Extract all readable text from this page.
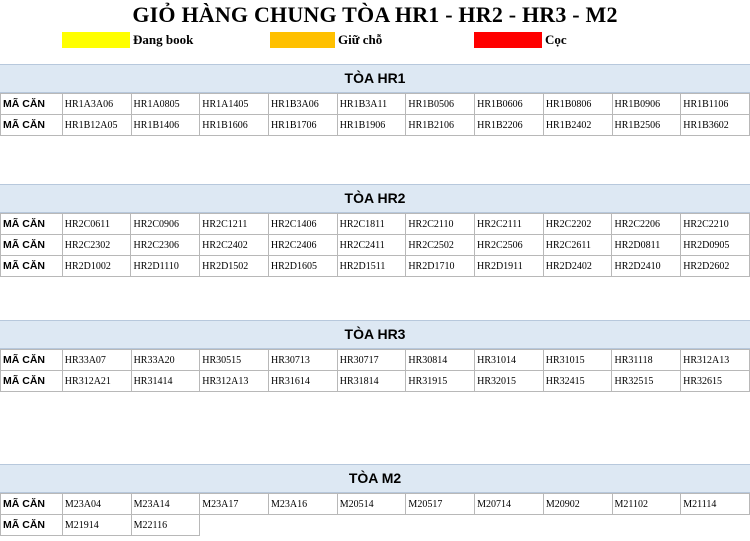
GIỎ HÀNG CHUNG TÒA HR1 - HR2 - HR3 - M2
Đang book	Giữ chỗ	Cọc
TÒA HR1
MÃ CĂN	HR1A3A06	HR1A0805	HR1A1405	HR1B3A06	HR1B3A11	HR1B0506	HR1B0606	HR1B0806	HR1B0906	HR1B1106
MÃ CĂN	HR1B12A05	HR1B1406	HR1B1606	HR1B1706	HR1B1906	HR1B2106	HR1B2206	HR1B2402	HR1B2506	HR1B3602
TÒA HR2
MÃ CĂN	HR2C0611	HR2C0906	HR2C1211	HR2C1406	HR2C1811	HR2C2110	HR2C2111	HR2C2202	HR2C2206	HR2C2210
MÃ CĂN	HR2C2302	HR2C2306	HR2C2402	HR2C2406	HR2C2411	HR2C2502	HR2C2506	HR2C2611	HR2D0811	HR2D0905
MÃ CĂN	HR2D1002	HR2D1110	HR2D1502	HR2D1605	HR2D1511	HR2D1710	HR2D1911	HR2D2402	HR2D2410	HR2D2602
TÒA HR3
MÃ CĂN	HR33A07	HR33A20	HR30515	HR30713	HR30717	HR30814	HR31014	HR31015	HR31118	HR312A13
MÃ CĂN	HR312A21	HR31414	HR312A13	HR31614	HR31814	HR31915	HR32015	HR32415	HR32515	HR32615
TÒA M2
MÃ CĂN	M23A04	M23A14	M23A17	M23A16	M20514	M20517	M20714	M20902	M21102	M21114
MÃ CĂN	M21914	M22116								
